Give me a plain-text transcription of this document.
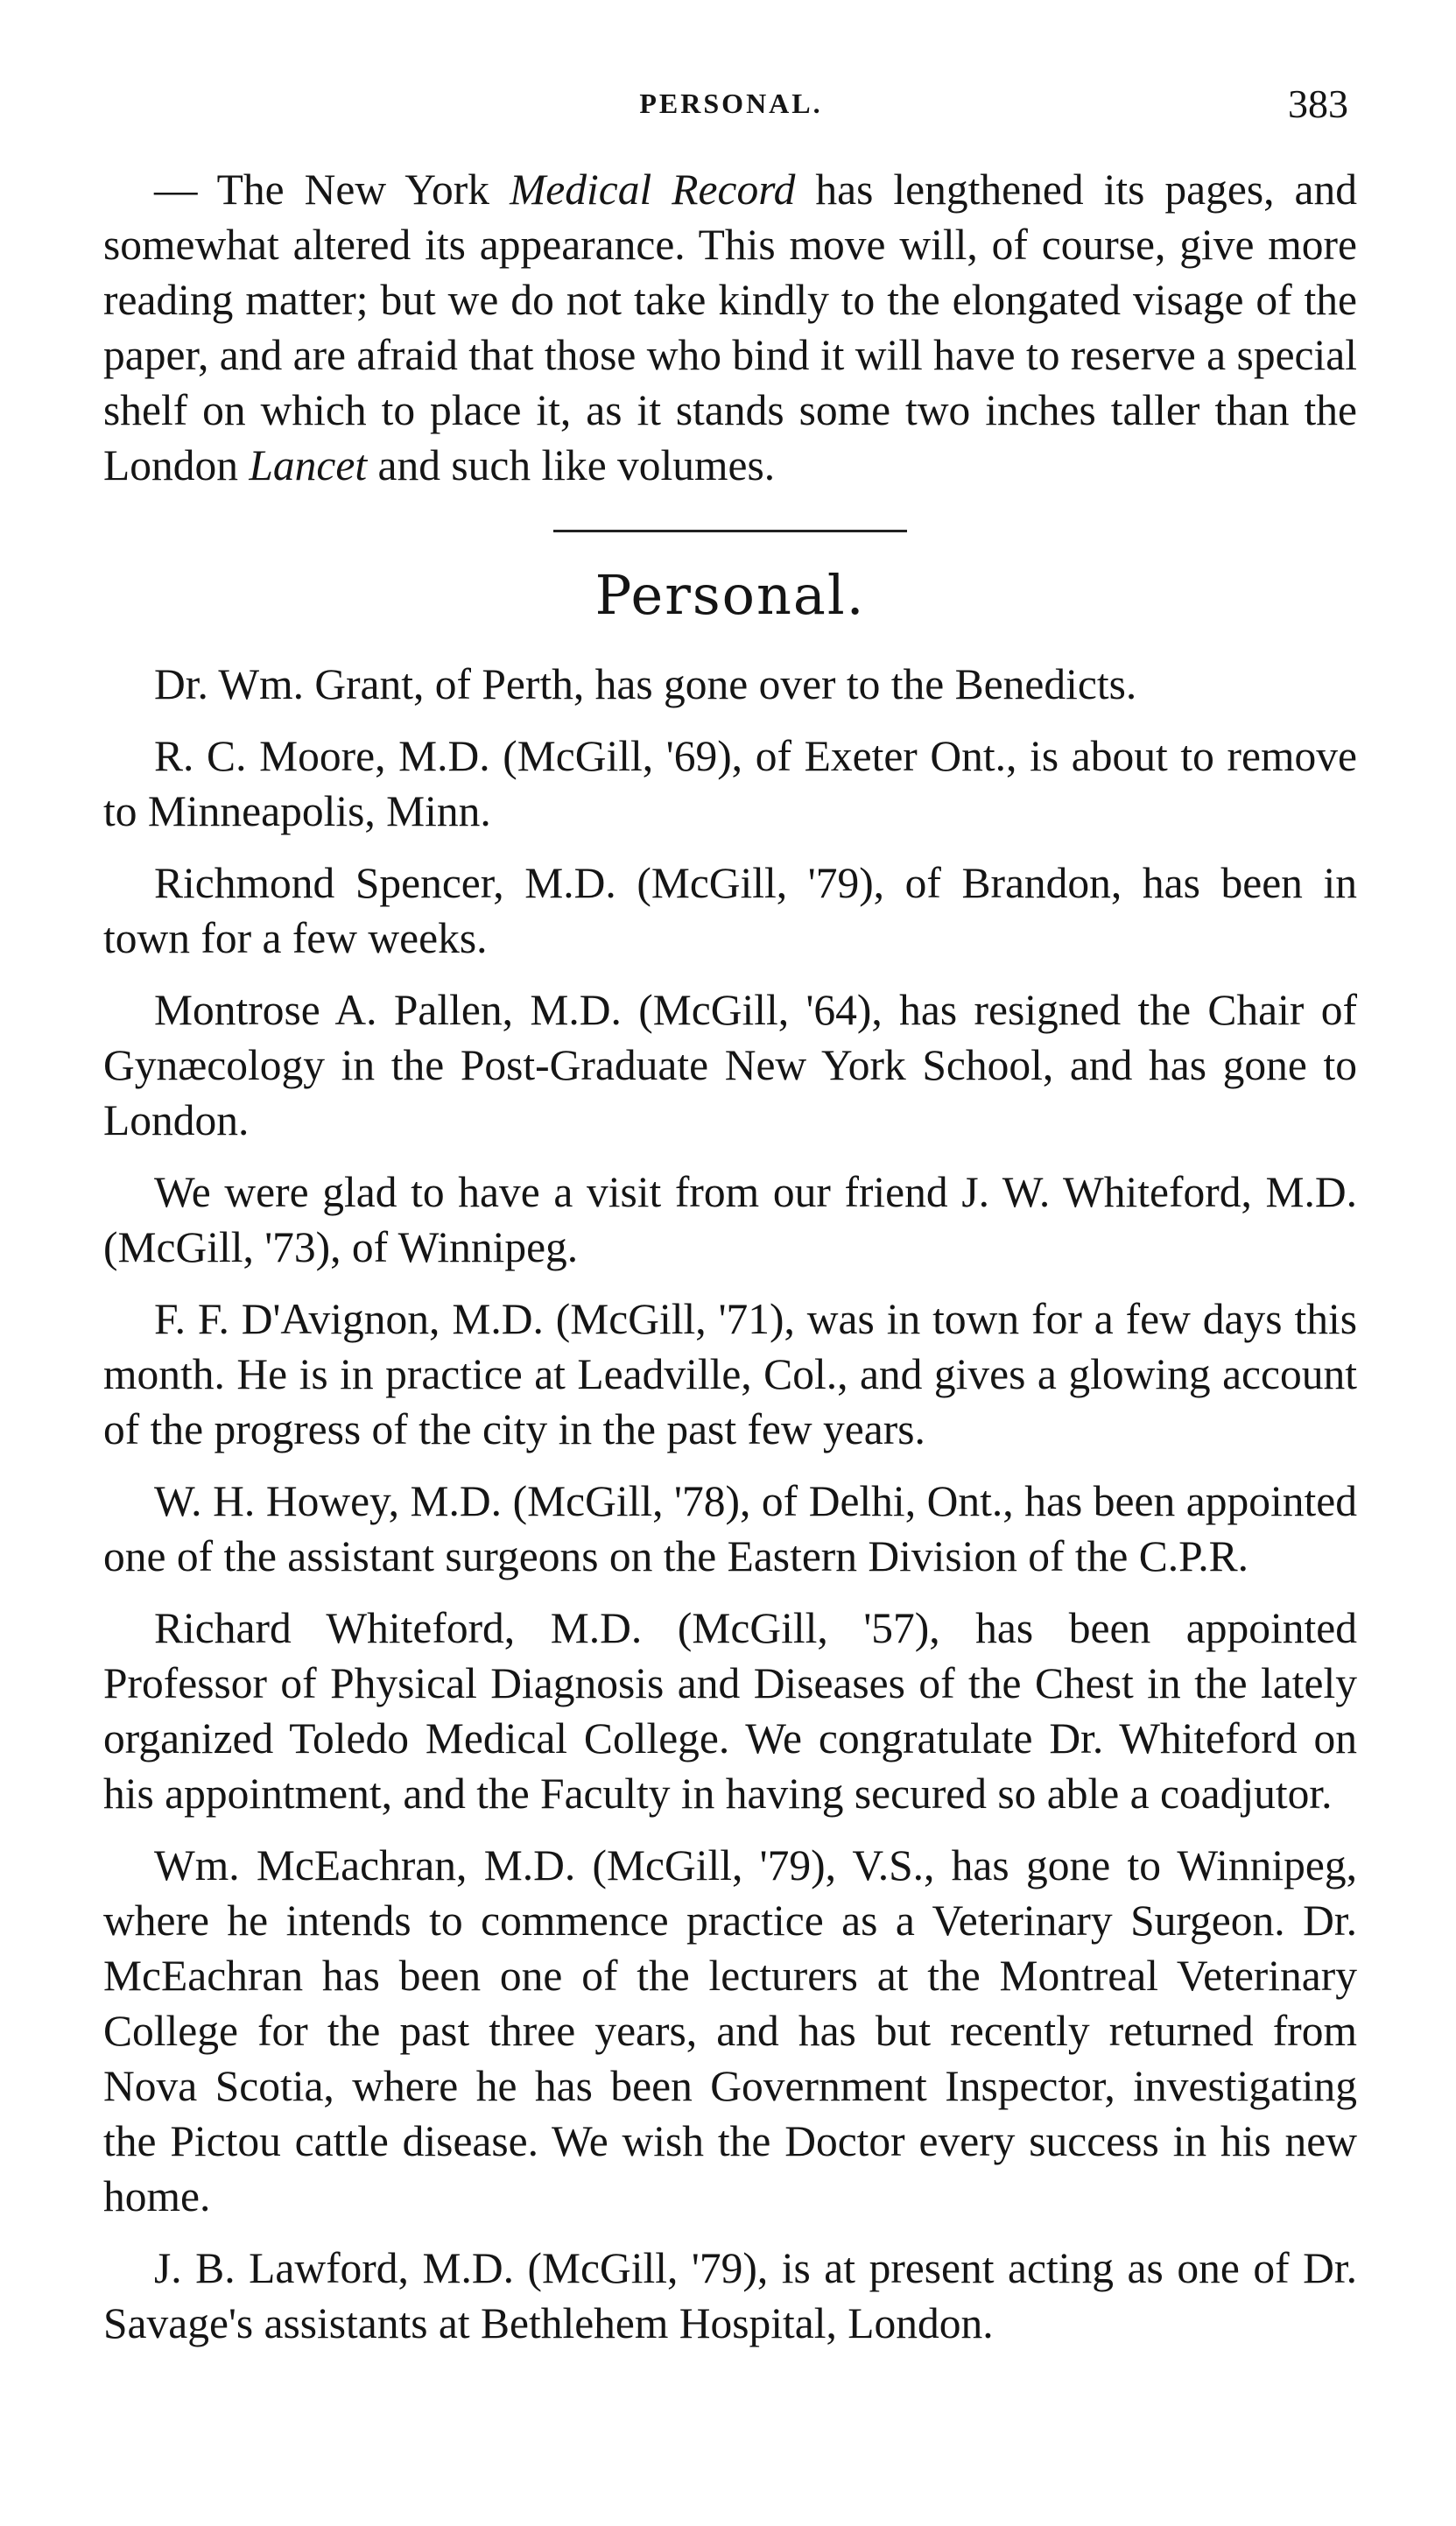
PERSONAL.	383

— The New York Medical Record has lengthened its pages, and somewhat altered its appearance. This move will, of course, give more reading matter; but we do not take kindly to the elongated visage of the paper, and are afraid that those who bind it will have to reserve a special shelf on which to place it, as it stands some two inches taller than the London Lancet and such like volumes.

Personal.

Dr. Wm. Grant, of Perth, has gone over to the Benedicts.

R. C. Moore, M.D. (McGill, '69), of Exeter Ont., is about to remove to Minneapolis, Minn.

Richmond Spencer, M.D. (McGill, '79), of Brandon, has been in town for a few weeks.

Montrose A. Pallen, M.D. (McGill, '64), has resigned the Chair of Gynæcology in the Post-Graduate New York School, and has gone to London.

We were glad to have a visit from our friend J. W. Whiteford, M.D. (McGill, '73), of Winnipeg.

F. F. D'Avignon, M.D. (McGill, '71), was in town for a few days this month. He is in practice at Leadville, Col., and gives a glowing account of the progress of the city in the past few years.

W. H. Howey, M.D. (McGill, '78), of Delhi, Ont., has been appointed one of the assistant surgeons on the Eastern Division of the C.P.R.

Richard Whiteford, M.D. (McGill, '57), has been appointed Professor of Physical Diagnosis and Diseases of the Chest in the lately organized Toledo Medical College. We congratulate Dr. Whiteford on his appointment, and the Faculty in having secured so able a coadjutor.

Wm. McEachran, M.D. (McGill, '79), V.S., has gone to Winnipeg, where he intends to commence practice as a Veterinary Surgeon. Dr. McEachran has been one of the lecturers at the Montreal Veterinary College for the past three years, and has but recently returned from Nova Scotia, where he has been Government Inspector, investigating the Pictou cattle disease. We wish the Doctor every success in his new home.

J. B. Lawford, M.D. (McGill, '79), is at present acting as one of Dr. Savage's assistants at Bethlehem Hospital, London.
